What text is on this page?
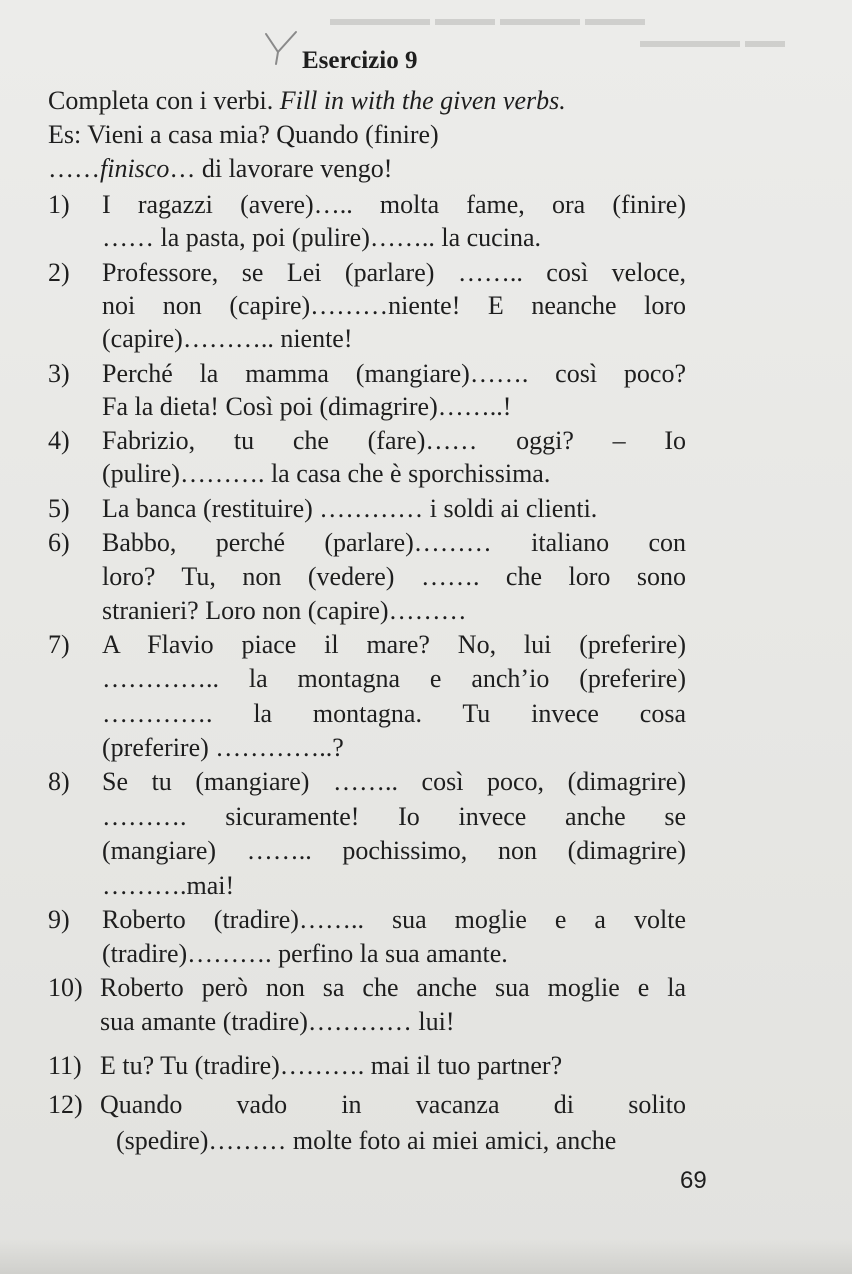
▬▬▬ ▬▬▬▬ ▬▬▬ ▬▬▬▬▬
▬▬ ▬▬▬▬▬
Esercizio 9
Completa con i verbi. Fill in with the given verbs.
Es: Vieni a casa mia? Quando (finire)
……finisco… di lavorare vengo!
1) I ragazzi (avere)….. molta fame, ora (finire)
…… la pasta, poi (pulire)…….. la cucina.
2) Professore, se Lei (parlare) …….. così veloce,
noi non (capire)………niente! E neanche loro
(capire)……….. niente!
3) Perché la mamma (mangiare)……. così poco?
Fa la dieta! Così poi (dimagrire)……..!
4) Fabrizio, tu che (fare)…… oggi? – Io
(pulire)………. la casa che è sporchissima.
5) La banca (restituire) ………… i soldi ai clienti.
6) Babbo, perché (parlare)……… italiano con
loro? Tu, non (vedere) ……. che loro sono
stranieri? Loro non (capire)………
7) A Flavio piace il mare? No, lui (preferire)
………….. la montagna e anch’io (preferire)
…………. la montagna. Tu invece cosa
(preferire) …………..?
8) Se tu (mangiare) …….. così poco, (dimagrire)
………. sicuramente! Io invece anche se
(mangiare) …….. pochissimo, non (dimagrire)
……….mai!
9) Roberto (tradire)…….. sua moglie e a volte
(tradire)………. perfino la sua amante.
10) Roberto però non sa che anche sua moglie e la
sua amante (tradire)………… lui!
11) E tu? Tu (tradire)………. mai il tuo partner?
12) Quando vado in vacanza di solito
(spedire)……… molte foto ai miei amici, anche
69
